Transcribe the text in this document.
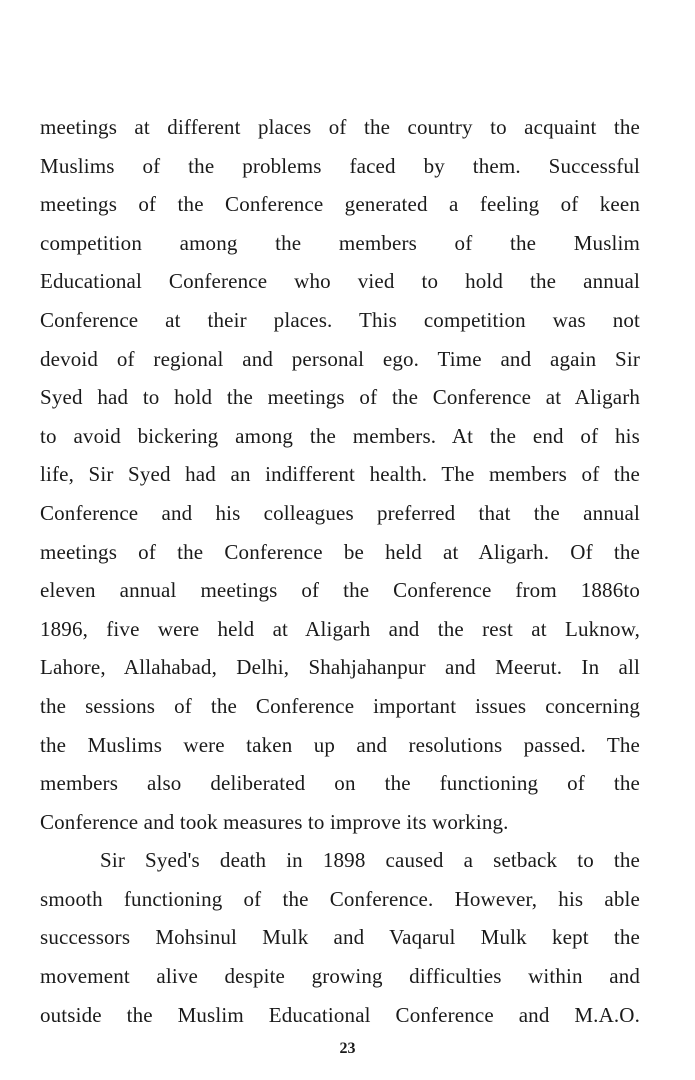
meetings at different places of the country to acquaint the
Muslims of the problems faced by them. Successful
meetings of the Conference generated a feeling of keen
competition among the members of the Muslim
Educational Conference who vied to hold the annual
Conference at their places. This competition was not
devoid of regional and personal ego. Time and again Sir
Syed had to hold the meetings of the Conference at Aligarh
to avoid bickering among the members. At the end of his
life, Sir Syed had an indifferent health. The members of the
Conference and his colleagues preferred that the annual
meetings of the Conference be held at Aligarh. Of the
eleven annual meetings of the Conference from 1886to
1896, five were held at Aligarh and the rest at Luknow,
Lahore, Allahabad, Delhi, Shahjahanpur and Meerut. In all
the sessions of the Conference important issues concerning
the Muslims were taken up and resolutions passed. The
members also deliberated on the functioning of the
Conference and took measures to improve its working.
Sir Syed's death in 1898 caused a setback to the
smooth functioning of the Conference. However, his able
successors Mohsinul Mulk and Vaqarul Mulk kept the
movement alive despite growing difficulties within and
outside the Muslim Educational Conference and M.A.O.
23
